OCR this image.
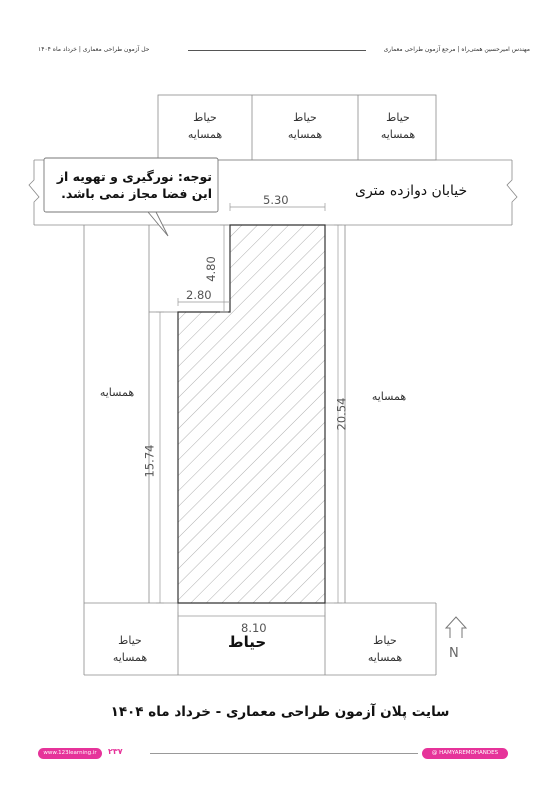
مهندس امیرحسین همتی‌راه | مرجع آزمون طراحی معماری
حل آزمون طراحی معماری | خرداد ماه ۱۴۰۴
حیاط
همسایه
حیاط
همسایه
حیاط
همسایه
حیاط
همسایه
حیاط
همسایه
همسایه	همسایه
خیابان دوازده متری
توجه: نورگیری و تهویه از
این فضا مجاز نمی باشد.	5.30
8.10
2.80
4.80
15.74
20.54
حیاط
N
سایت پلان آزمون طراحی معماری - خرداد ماه ۱۴۰۴
www.123learning.ir	۲۳۷	@ HAMYAREMOHANDES
